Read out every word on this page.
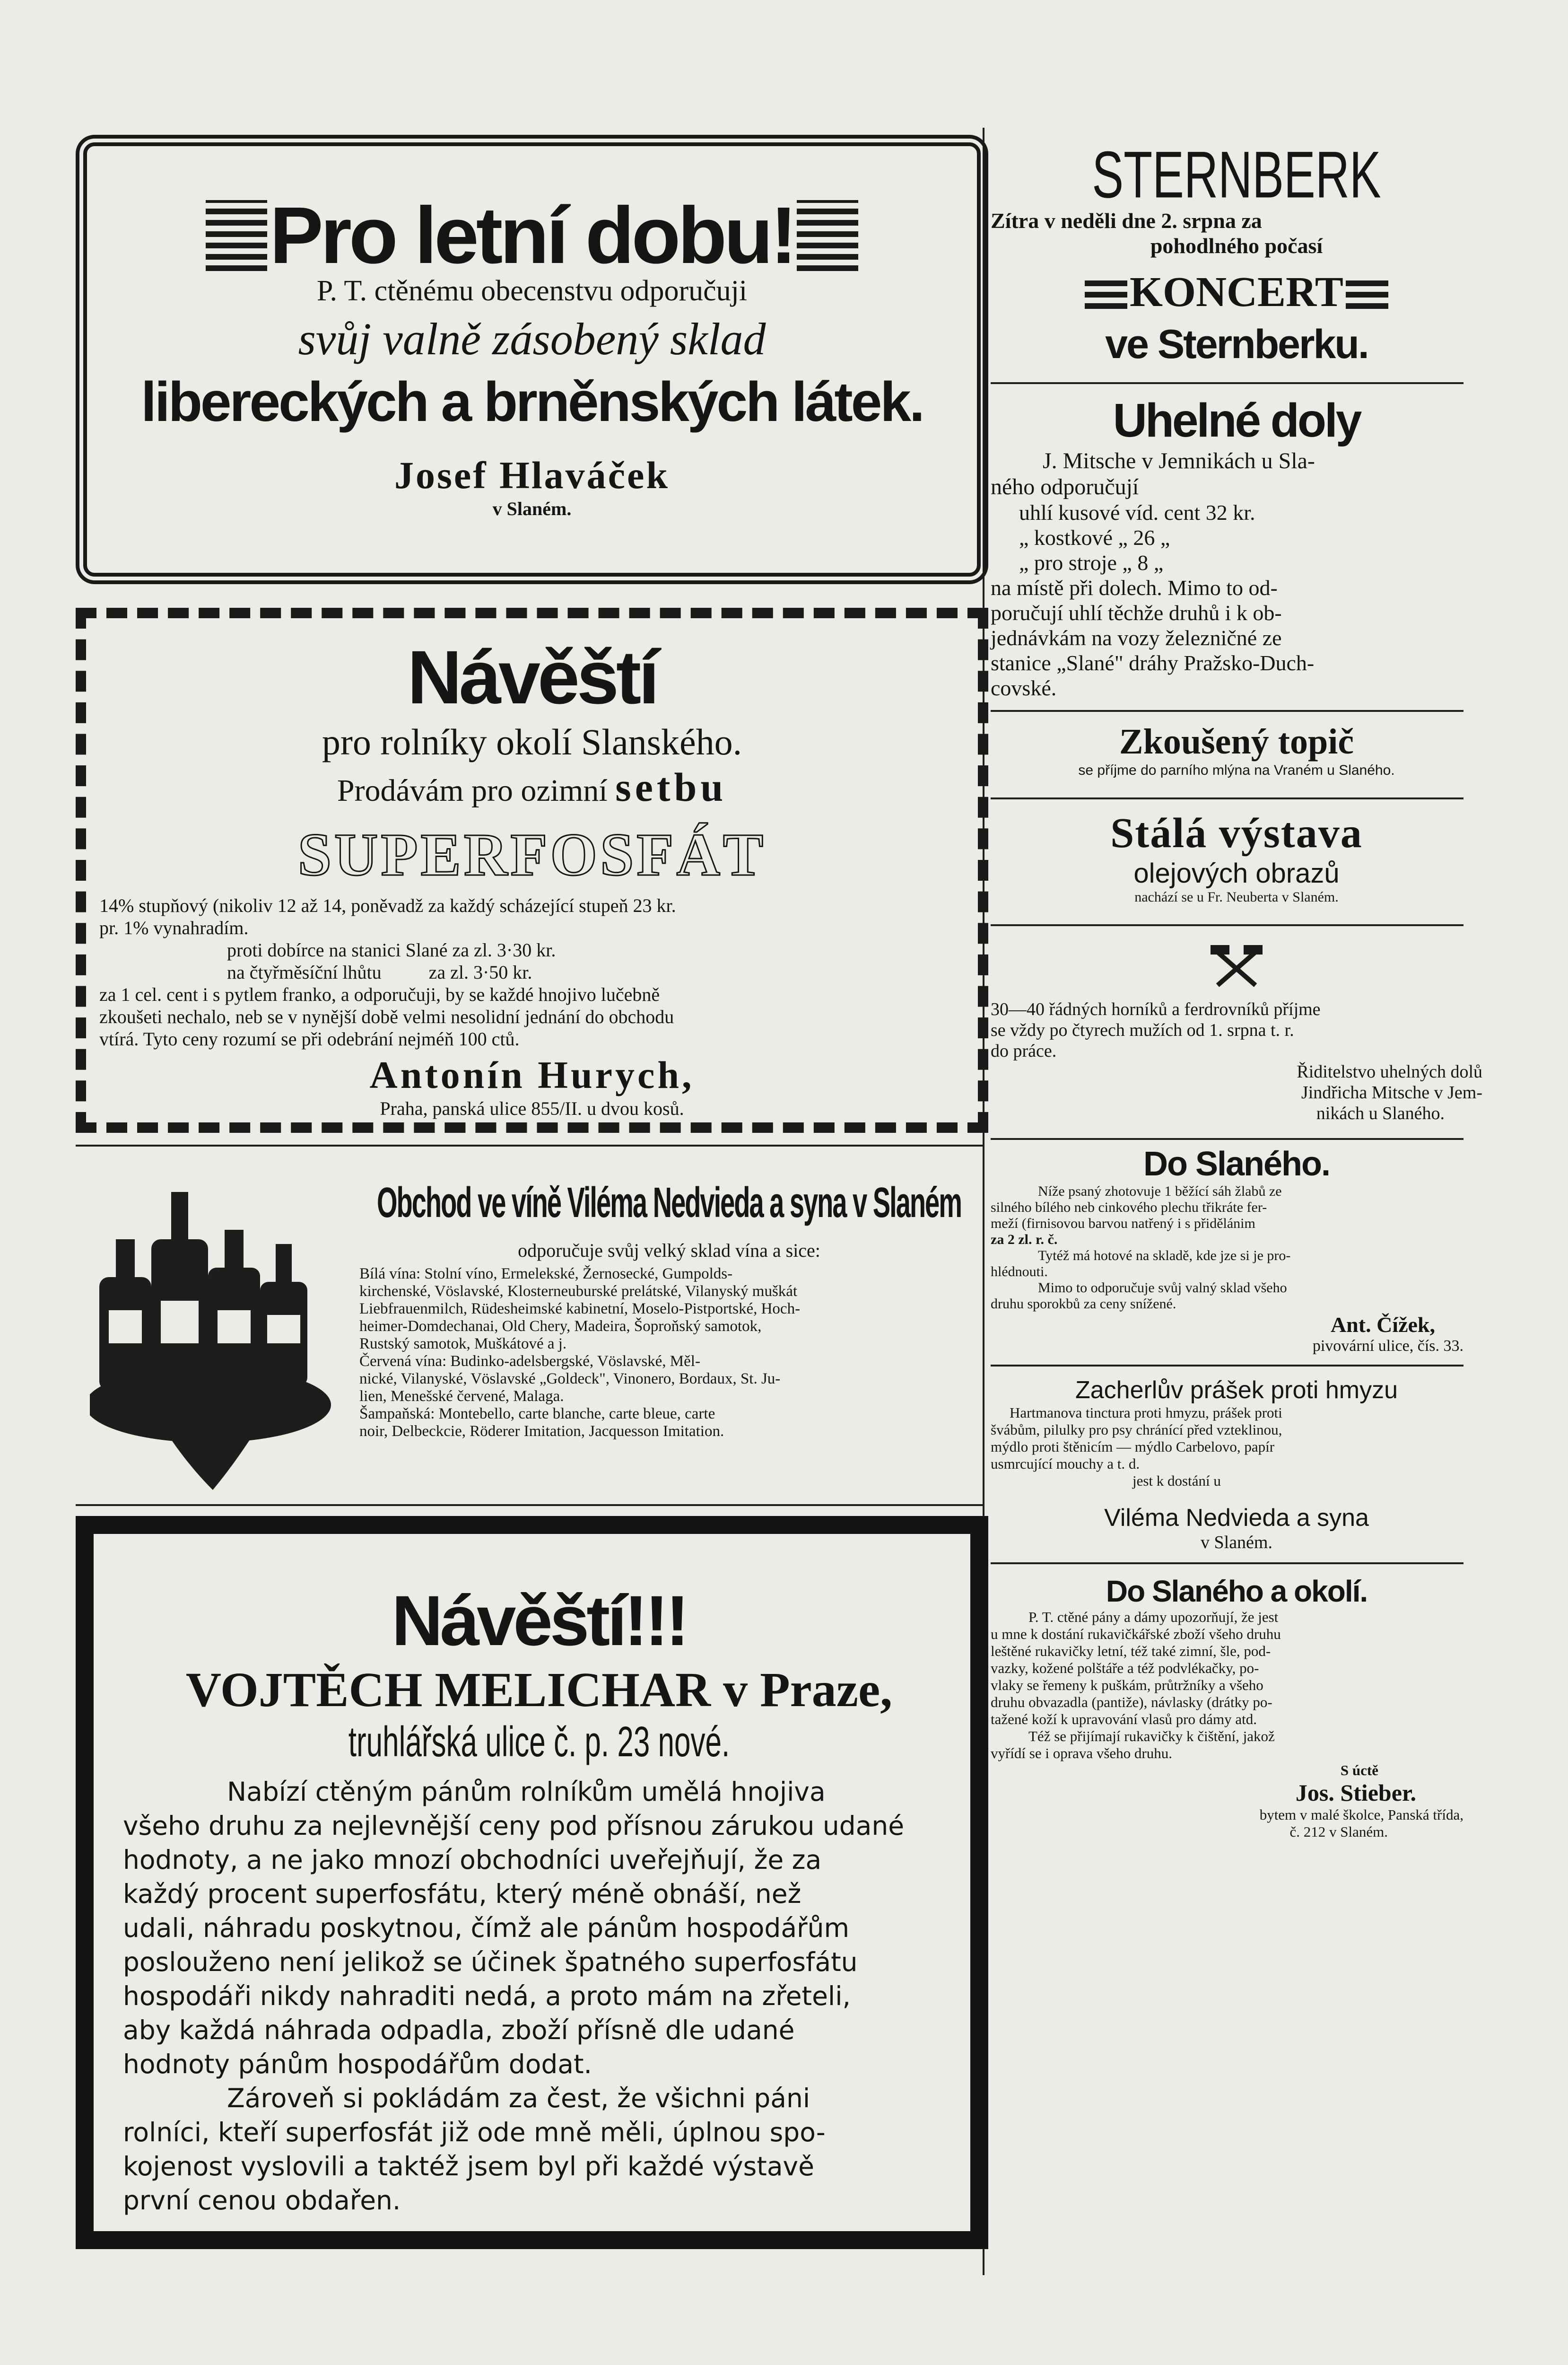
Pro letní dobu!
P. T. ctěnému obecenstvu odporučuji
svůj valně zásobený sklad
libereckých a brněnských látek.
Josef Hlaváček
v Slaném.
Návěští
pro rolníky okolí Slanského.
Prodávám pro ozimní setbu
SUPERFOSFÁT
14% stupňový (nikoliv 12 až 14, poněvadž za každý scházející stupeň 23 kr.
pr. 1% vynahradím.
proti dobírce na stanici Slané za zl. 3·30 kr.
na čtyřměsíční lhůtu          za zl. 3·50 kr.
za 1 cel. cent i s pytlem franko, a odporučuji, by se každé hnojivo lučebně
zkoušeti nechalo, neb se v nynější době velmi nesolidní jednání do obchodu
vtírá. Tyto ceny rozumí se při odebrání nejméň 100 ctů.
Antonín Hurych,
Praha, panská ulice 855/II. u dvou kosů.
Obchod ve víně Viléma Nedvieda a syna v Slaném
odporučuje svůj velký sklad vína a sice:
Bílá vína: Stolní víno, Ermelekské, Žernosecké, Gumpolds-
kirchenské, Vöslavské, Klosterneuburské prelátské, Vilanyský muškát
Liebfrauenmilch, Rüdesheimské kabinetní, Moselo-Pistportské, Hoch-
heimer-Domdechanai, Old Chery, Madeira, Šoproňský samotok,
Rustský samotok, Muškátové a j.
Červená vína: Budinko-adelsbergské, Vöslavské, Měl-
nické, Vilanyské, Vöslavské „Goldeck", Vinonero, Bordaux, St. Ju-
lien, Menešské červené, Malaga.
Šampaňská: Montebello, carte blanche, carte bleue, carte
noir, Delbeckcie, Röderer Imitation, Jacquesson Imitation.
Návěští!!!
VOJTĚCH MELICHAR v Praze,
truhlářská ulice č. p. 23 nové.
Nabízí ctěným pánům rolníkům umělá hnojiva
všeho druhu za nejlevnější ceny pod přísnou zárukou udané
hodnoty, a ne jako mnozí obchodníci uveřejňují, že za
každý procent superfosfátu, který méně obnáší, než
udali, náhradu poskytnou, čímž ale pánům hospodářům
poslouženo není jelikož se účinek špatného superfosfátu
hospodáři nikdy nahraditi nedá, a proto mám na zřeteli,
aby každá náhrada odpadla, zboží přísně dle udané
hodnoty pánům hospodářům dodat.
Zároveň si pokládám za čest, že všichni páni
rolníci, kteří superfosfát již ode mně měli, úplnou spo-
kojenost vyslovili a taktéž jsem byl při každé výstavě
první cenou obdařen.
STERNBERK
Zítra v neděli dne 2. srpna za
pohodlného počasí
KONCERT
ve Sternberku.
Uhelné doly
J. Mitsche v Jemnikách u Sla-
ného odporučují
uhlí kusové víd. cent 32 kr.
„ kostkové „ 26 „
„ pro stroje „ 8 „
na místě při dolech. Mimo to od-
poručují uhlí těchže druhů i k ob-
jednávkám na vozy železničné ze
stanice „Slané" dráhy Pražsko-Duch-
covské.
Zkoušený topič
se příjme do parního mlýna na Vraném u Slaného.
Stálá výstava
olejových obrazů
nachází se u Fr. Neuberta v Slaném.
30—40 řádných horníků a ferdrovníků příjme
se vždy po čtyrech mužích od 1. srpna t. r.
do práce.
Řiditelstvo uhelných dolů
Jindřicha Mitsche v Jem-
nikách u Slaného.
Do Slaného.
Níže psaný zhotovuje 1 běžící sáh žlabů ze
silného bílého neb cinkového plechu třikráte fer-
meží (firnisovou barvou natřený i s přidělánim
za 2 zl. r. č.
Tytéž má hotové na skladě, kde jze si je pro-
hlédnouti.
Mimo to odporučuje svůj valný sklad všeho
druhu sporokbů za ceny snížené.
Ant. Čížek,
pivovární ulice, čís. 33.
Zacherlův prášek proti hmyzu
Hartmanova tinctura proti hmyzu, prášek proti
švábům, pilulky pro psy chránící před vzteklinou,
mýdlo proti štěnicím — mýdlo Carbelovo, papír
usmrcující mouchy a t. d.
jest k dostání u
Viléma Nedvieda a syna
v Slaném.
Do Slaného a okolí.
P. T. ctěné pány a dámy upozorňují, že jest
u mne k dostání rukavičkářské zboží všeho druhu
leštěné rukavičky letní, též také zimní, šle, pod-
vazky, kožené polštáře a též podvlékačky, po-
vlaky se řemeny k puškám, průtržníky a všeho
druhu obvazadla (pantiže), návlasky (drátky po-
tažené koží k upravování vlasů pro dámy atd.
Též se přijímají rukavičky k čištění, jakož
vyřídí se i oprava všeho druhu.
S úctě
Jos. Stieber.
bytem v malé školce, Panská třída,
č. 212 v Slaném.
